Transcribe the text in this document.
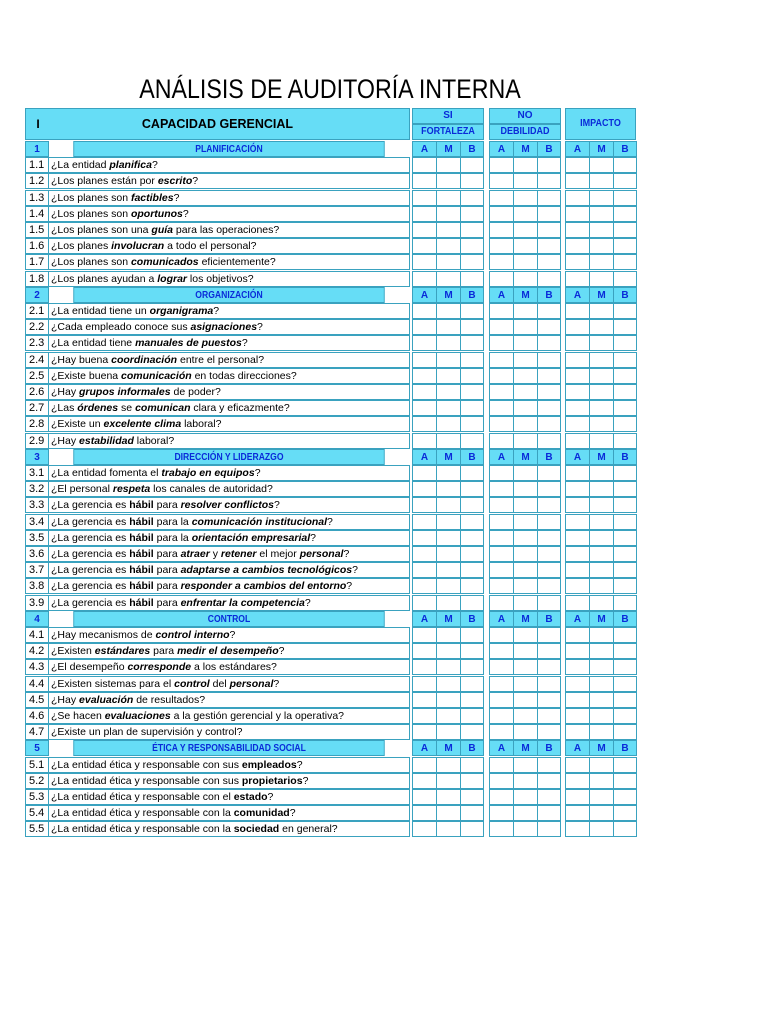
ANÁLISIS DE AUDITORÍA INTERNA
I	CAPACIDAD GERENCIAL
SI
FORTALEZA
NO
DEBILIDAD
IMPACTO
1	PLANIFICACIÓN	A	M	B	A	M	B	A	M	B
1.1 ¿La entidad planifica?
1.2 ¿Los planes están por escrito?
1.3 ¿Los planes son factibles?
1.4 ¿Los planes son oportunos?
1.5 ¿Los planes son una guía para las operaciones?
1.6 ¿Los planes involucran a todo el personal?
1.7 ¿Los planes son comunicados eficientemente?
1.8 ¿Los planes ayudan a lograr los objetivos?
2	ORGANIZACIÓN	A	M	B	A	M	B	A	M	B
2.1 ¿La entidad tiene un organigrama?
2.2 ¿Cada empleado conoce sus asignaciones?
2.3 ¿La entidad tiene manuales de puestos?
2.4 ¿Hay buena coordinación entre el personal?
2.5 ¿Existe buena comunicación en todas direcciones?
2.6 ¿Hay grupos informales de poder?
2.7 ¿Las órdenes se comunican clara y eficazmente?
2.8 ¿Existe un excelente clima laboral?
2.9 ¿Hay estabilidad laboral?
3	DIRECCIÓN Y LIDERAZGO	A	M	B	A	M	B	A	M	B
3.1 ¿La entidad fomenta el trabajo en equipos?
3.2 ¿El personal respeta los canales de autoridad?
3.3 ¿La gerencia es hábil para resolver conflictos?
3.4 ¿La gerencia es hábil para la comunicación institucional?
3.5 ¿La gerencia es hábil para la orientación empresarial?
3.6 ¿La gerencia es hábil para atraer y retener el mejor personal?
3.7 ¿La gerencia es hábil para adaptarse a cambios tecnológicos?
3.8 ¿La gerencia es hábil para responder a cambios del entorno?
3.9 ¿La gerencia es hábil para enfrentar la competencia?
4	CONTROL	A	M	B	A	M	B	A	M	B
4.1 ¿Hay mecanismos de control interno?
4.2 ¿Existen estándares para medir el desempeño?
4.3 ¿El desempeño corresponde a los estándares?
4.4 ¿Existen sistemas para el control del personal?
4.5 ¿Hay evaluación de resultados?
4.6 ¿Se hacen evaluaciones a la gestión gerencial y la operativa?
4.7 ¿Existe un plan de supervisión y control?
5	ÉTICA Y RESPONSABILIDAD SOCIAL	A	M	B	A	M	B	A	M	B
5.1 ¿La entidad ética y responsable con sus empleados?
5.2 ¿La entidad ética y responsable con sus propietarios?
5.3 ¿La entidad ética y responsable con el estado?
5.4 ¿La entidad ética y responsable con la comunidad?
5.5 ¿La entidad ética y responsable con la sociedad en general?
